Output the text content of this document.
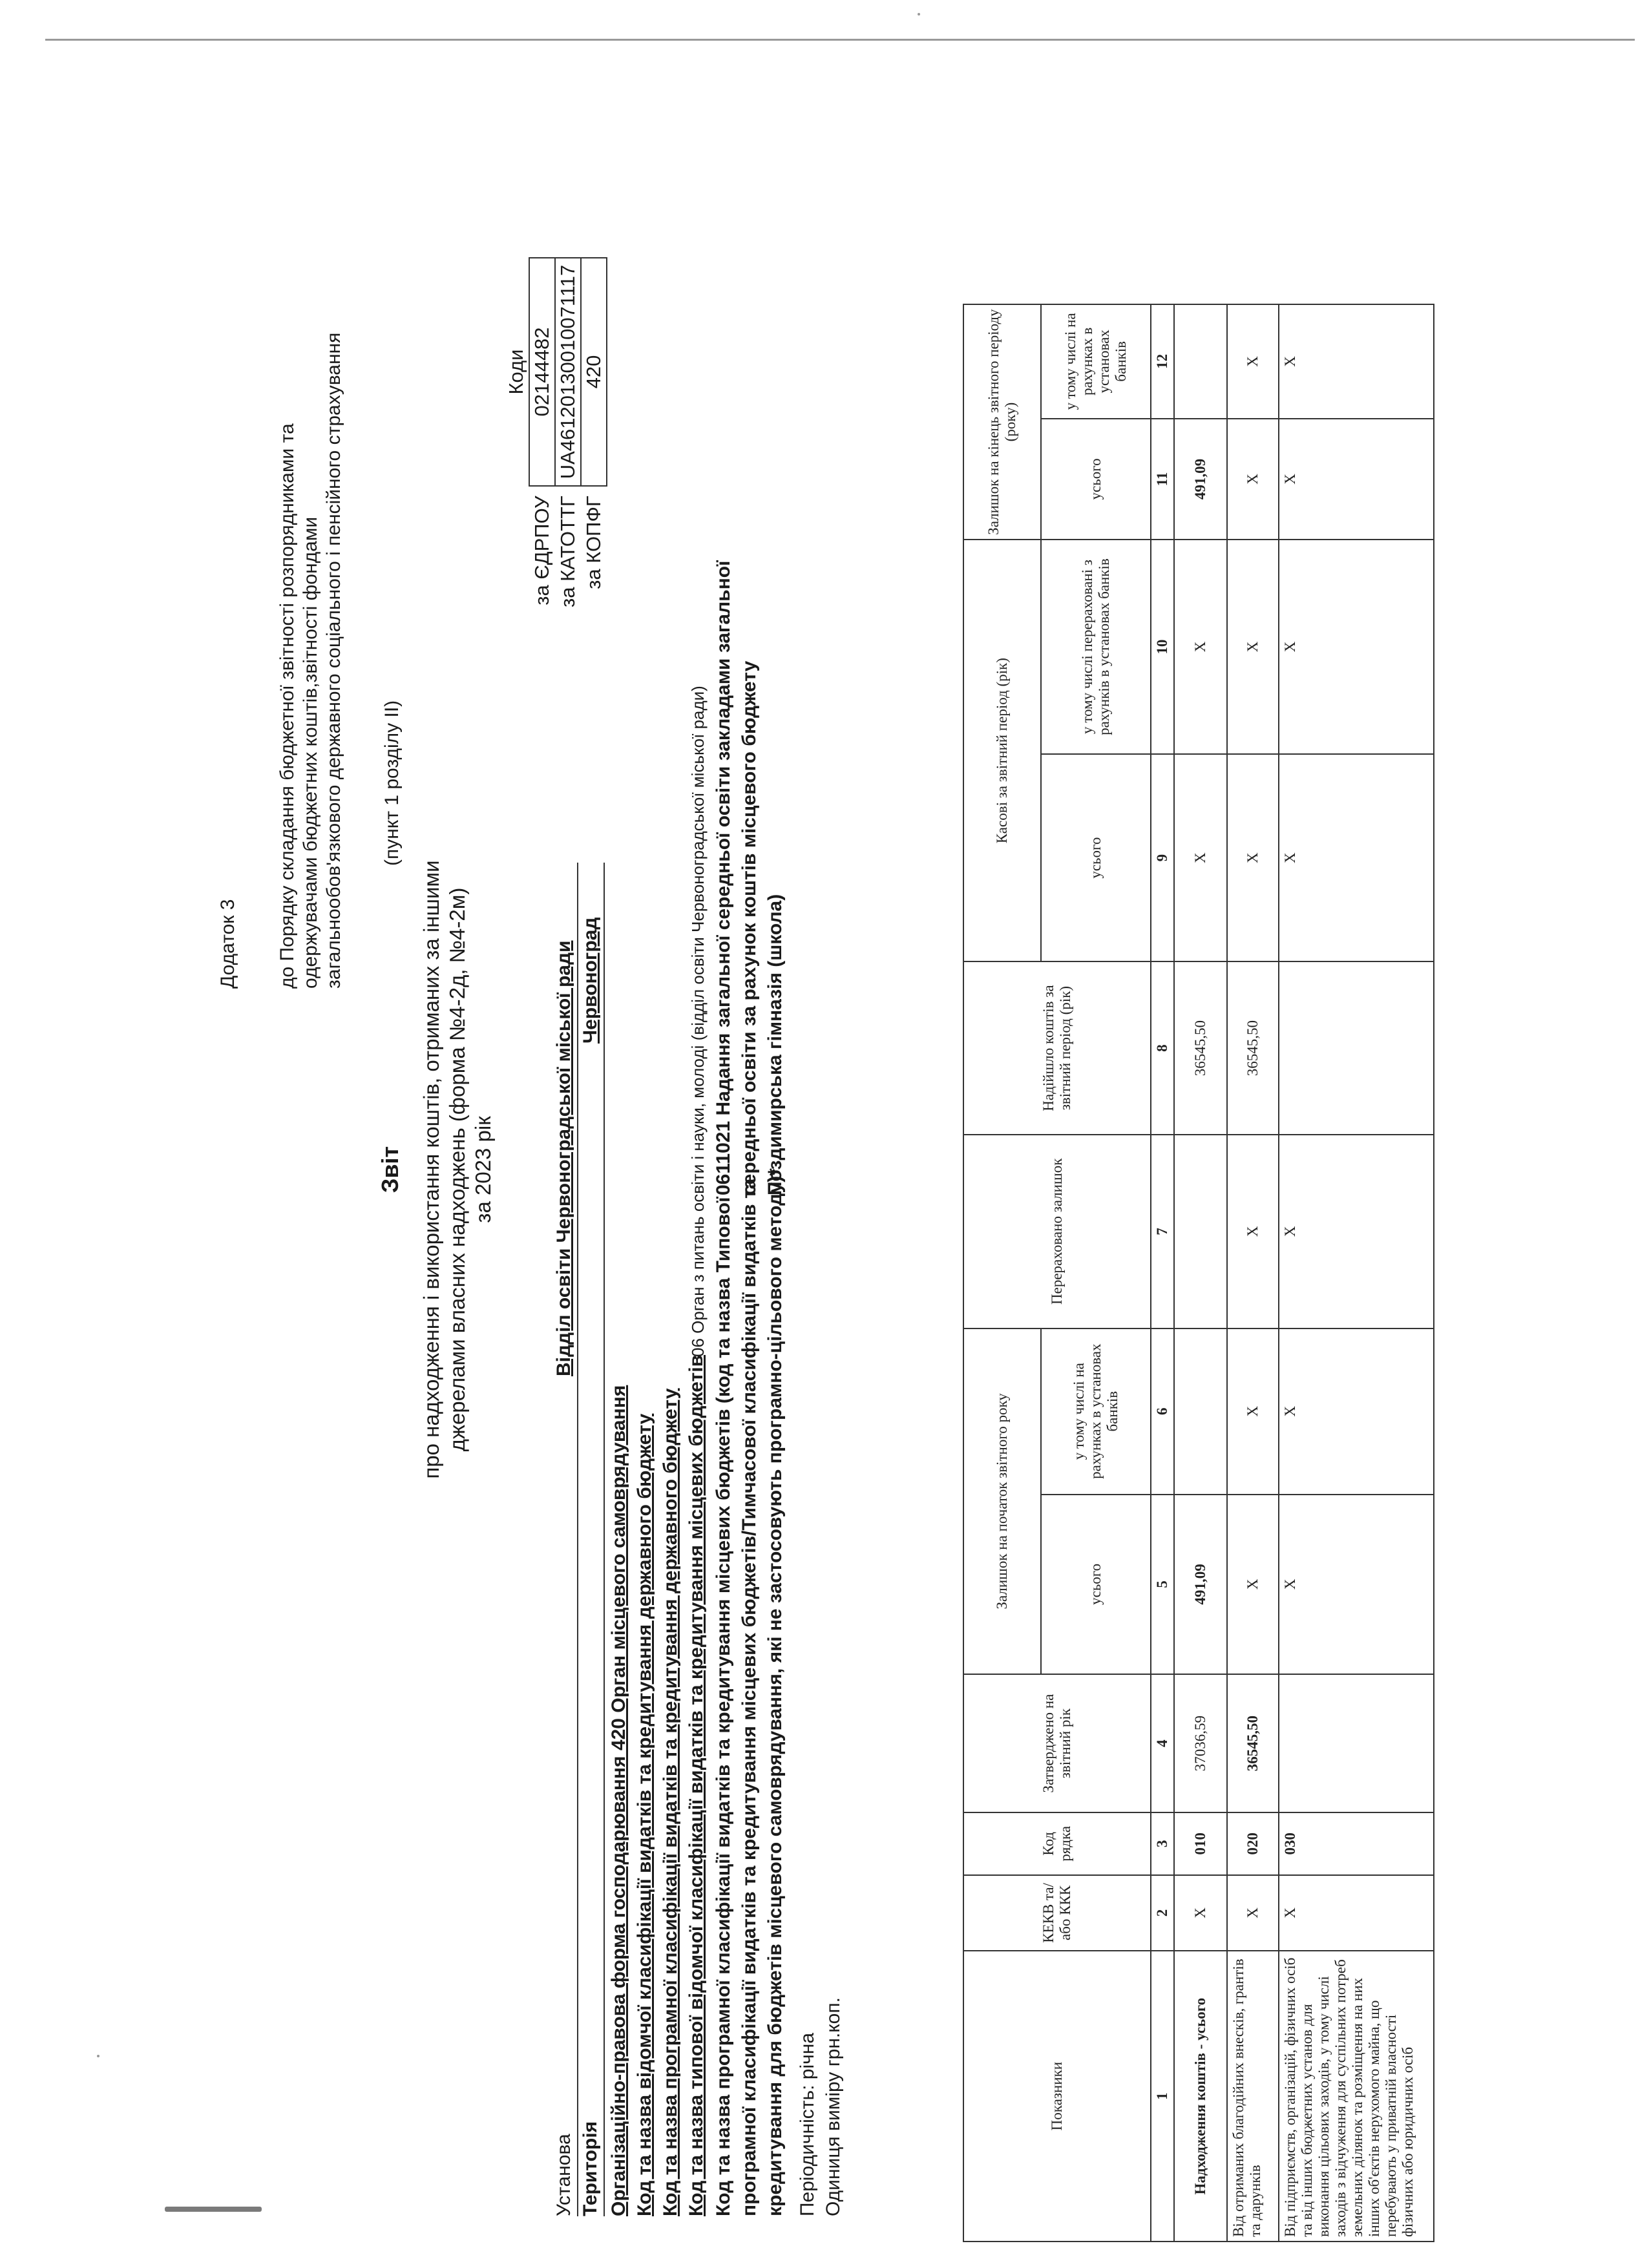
Додаток 3 до Порядку складання бюджетної звітності розпорядниками та одержувачами бюджетних коштів,звітності фондами загальнообов'язкового державного соціального і пенсійного страхування (пункт 1 розділу II)
Звіт про надходження і використання коштів, отриманих за іншими джерелами власних надходжень (форма №4-2д, №4-2м) за 2023 рік
	Коди
за ЄДРПОУ	02144482
за КАТОТТГ	UA46120130010071117
за КОПФГ	420
Установа
Відділ освіти Червоноградської міської ради
Територія
Червоноград
Організаційно-правова форма господарювання 420 Орган місцевого самоврядування Код та назва відомчої класифікації видатків та кредитування державного бюджету Код та назва програмної класифікації видатків та кредитування державного бюджету Код та назва типової відомчої класифікації видатків та кредитування місцевих бюджетів
06 Орган з питань освіти і науки, молоді (відділ освіти Червоноградської міської ради)
Код та назва програмної класифікації видатків та кредитування місцевих бюджетів (код та назва Типової програмної класифікації видатків та кредитування місцевих бюджетів/Тимчасової класифікації видатків та кредитування для бюджетів місцевого самоврядування, які не застосовують програмно-цільового методу)*
0611021 Надання загальної середньої освіти закладами загальної середньої освіти за рахунок коштів місцевого бюджету Поздимирська гімназія (школа)
Періодичність: річна Одиниця виміру грн.коп.	Показники	КЕКВ та/або ККК	Код рядка	Затверджено на звітний рік	Залишок на початок звітного року		Перераховано залишок	Надійшло коштів за звітний період (рік)	Касові за звітний період (рік)		Залишок на кінець звітного періоду (року)	
				усього	у тому числі на рахунках в установах банків			усього	у тому числі перераховані з рахунків в установах банків	усього	у тому числі на рахунках в установах банків
1	2	3	4	5	6	7	8	9	10	11	12
Надходження коштів - усього	X	010	37036,59	491,09			36545,50	X	X	491,09	
Від отриманих благодійних внесків, грантів та дарунків	X	020	36545,50	X	X	X	36545,50	X	X	X	X
Від підприємств, організацій, фізичних осіб та від інших бюджетних установ для виконання цільових заходів, у тому числі заходів з відчуження для суспільних потреб земельних ділянок та розміщення на них інших об'єктів нерухомого майна, що перебувають у приватній власності фізичних або юридичних осіб	X	030		X	X	X		X	X	X	X
